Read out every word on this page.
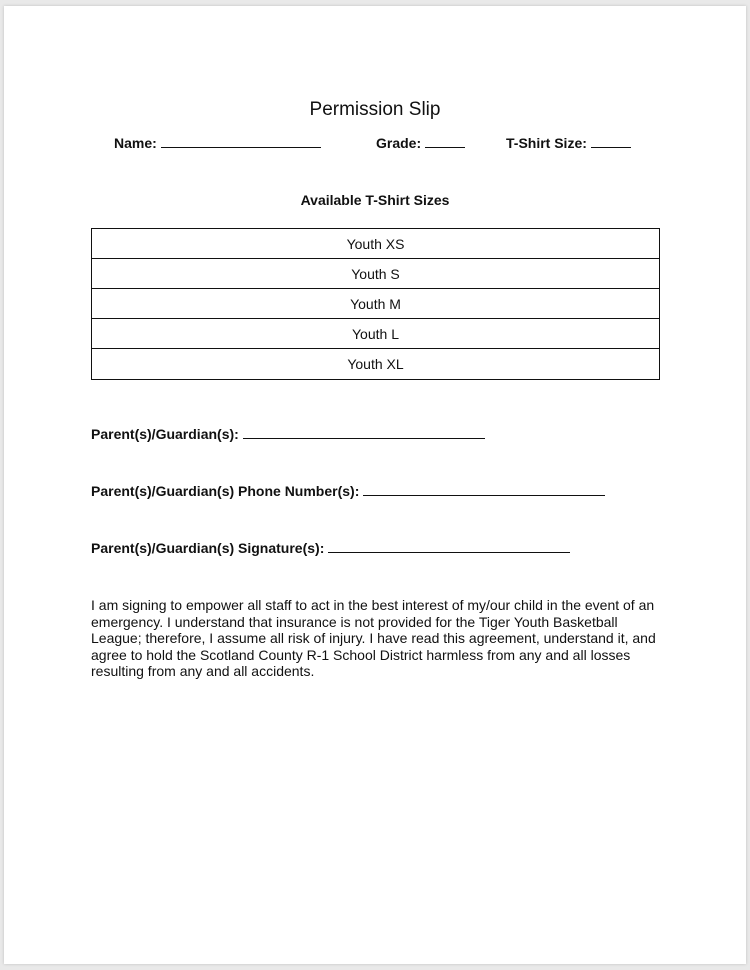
Permission Slip
Name:	Grade:	T-Shirt Size:
Available T-Shirt Sizes
Youth XS
Youth S
Youth M
Youth L
Youth XL
Parent(s)/Guardian(s):
Parent(s)/Guardian(s) Phone Number(s):
Parent(s)/Guardian(s) Signature(s):
I am signing to empower all staff to act in the best interest of my/our child in the event of an emergency. I understand that insurance is not provided for the Tiger Youth Basketball League; therefore, I assume all risk of injury. I have read this agreement, understand it, and agree to hold the Scotland County R-1 School District harmless from any and all losses resulting from any and all accidents.
